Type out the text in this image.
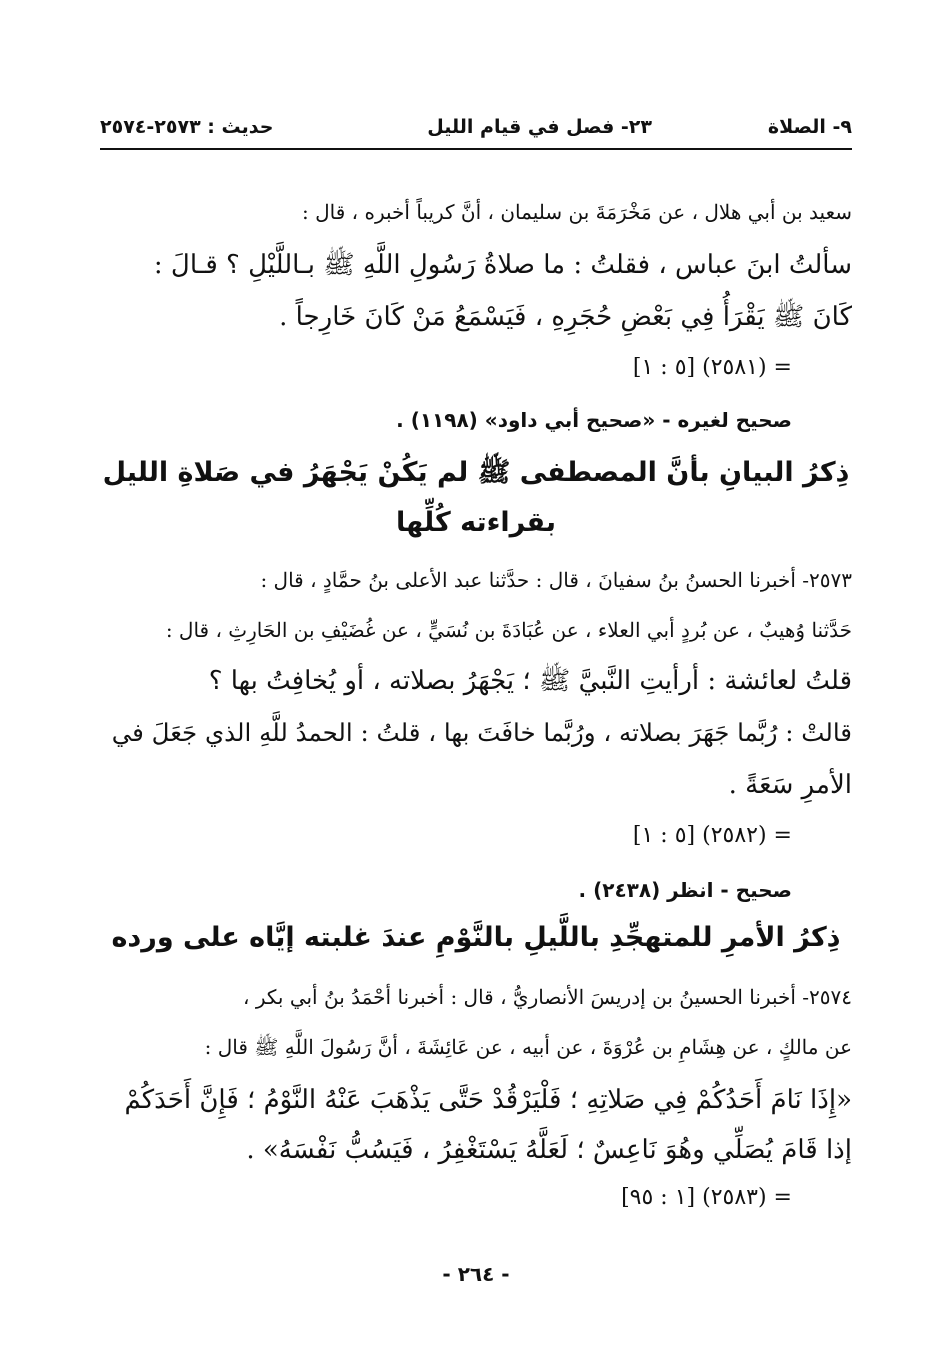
٩- الصلاة
٢٣- فصل في قيام الليل
حديث : ٢٥٧٣-٢٥٧٤
سعيد بن أبي هلال ، عن مَخْرَمَةَ بن سليمان ، أنَّ كريباً أخبره ، قال :
سألتُ ابنَ عباس ، فقلتُ : ما صلاةُ رَسُولِ اللَّهِ ﷺ بـاللَّيْلِ ؟ قـالَ :
كَانَ ﷺ يَقْرَأُ فِي بَعْضِ حُجَرِهِ ، فَيَسْمَعُ مَنْ كَانَ خَارِجاً .
= (٢٥٨١) [٥ : ١]
صحيح لغيره - «صحيح أبي داود» (١١٩٨) .
ذِكرُ البيانِ بأنَّ المصطفى ﷺ لم يَكُنْ يَجْهَرُ في صَلاةِ الليل
بقراءته كُلِّها
٢٥٧٣- أخبرنا الحسنُ بنُ سفيانَ ، قال : حدَّثنا عبد الأعلى بنُ حمَّادٍ ، قال :
حَدَّثنا وُهيبٌ ، عن بُردٍ أبي العلاء ، عن عُبَادَةَ بن نُسَيٍّ ، عن غُضَيْفِ بن الحَارِثِ ، قال :
قلتُ لعائشة : أرأيتِ النَّبيَّ ﷺ ؛ يَجْهَرُ بصلاته ، أو يُخافِتُ بها ؟
قالتْ : رُبَّما جَهَرَ بصلاته ، ورُبَّما خافَتَ بها ، قلتُ : الحمدُ للَّهِ الذي جَعَلَ في
الأمرِ سَعَةً .
= (٢٥٨٢) [٥ : ١]
صحيح - انظر (٢٤٣٨) .
ذِكرُ الأمرِ للمتهجِّدِ باللَّيلِ بالنَّوْمِ عندَ غلبته إيَّاه على ورده
٢٥٧٤- أخبرنا الحسينُ بن إدريسَ الأنصاريُّ ، قال : أخبرنا أحْمَدُ بنُ أبي بكر ،
عن مالكٍ ، عن هِشَامِ بن عُرْوَةَ ، عن أبيه ، عن عَائِشَةَ ، أنَّ رَسُولَ اللَّهِ ﷺ قال :
«إِذَا نَامَ أَحَدُكُمْ فِي صَلاتِهِ ؛ فَلْيَرْقُدْ حَتَّى يَذْهَبَ عَنْهُ النَّوْمُ ؛ فَإِنَّ أَحَدَكُمْ
إذا قَامَ يُصَلِّي وهُوَ نَاعِسٌ ؛ لَعَلَّهُ يَسْتَغْفِرُ ، فَيَسُبُّ نَفْسَهُ» .
= (٢٥٨٣) [١ : ٩٥]
- ٢٦٤ -
